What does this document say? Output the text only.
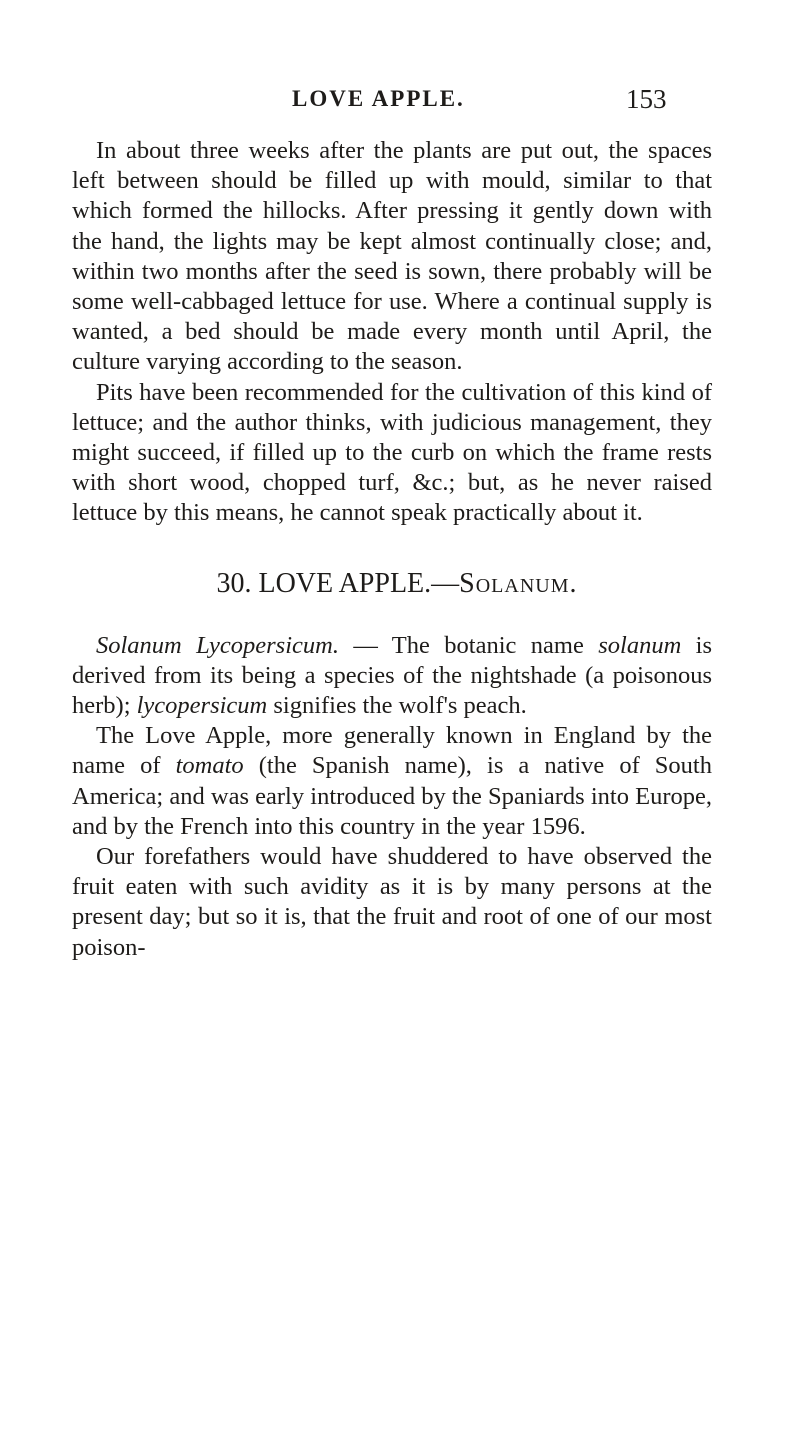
LOVE APPLE.	153

In about three weeks after the plants are put out, the spaces left between should be filled up with mould, similar to that which formed the hillocks. After pressing it gently down with the hand, the lights may be kept almost continually close; and, within two months after the seed is sown, there probably will be some well-cabbaged lettuce for use. Where a continual supply is wanted, a bed should be made every month until April, the culture varying according to the season.

Pits have been recommended for the cultivation of this kind of lettuce; and the author thinks, with judicious management, they might succeed, if filled up to the curb on which the frame rests with short wood, chopped turf, &c.; but, as he never raised lettuce by this means, he cannot speak practically about it.

30. LOVE APPLE.—Solanum.

Solanum Lycopersicum. — The botanic name solanum is derived from its being a species of the nightshade (a poisonous herb); lycopersicum signifies the wolf's peach.

The Love Apple, more generally known in England by the name of tomato (the Spanish name), is a native of South America; and was early introduced by the Spaniards into Europe, and by the French into this country in the year 1596.

Our forefathers would have shuddered to have observed the fruit eaten with such avidity as it is by many persons at the present day; but so it is, that the fruit and root of one of our most poison-
